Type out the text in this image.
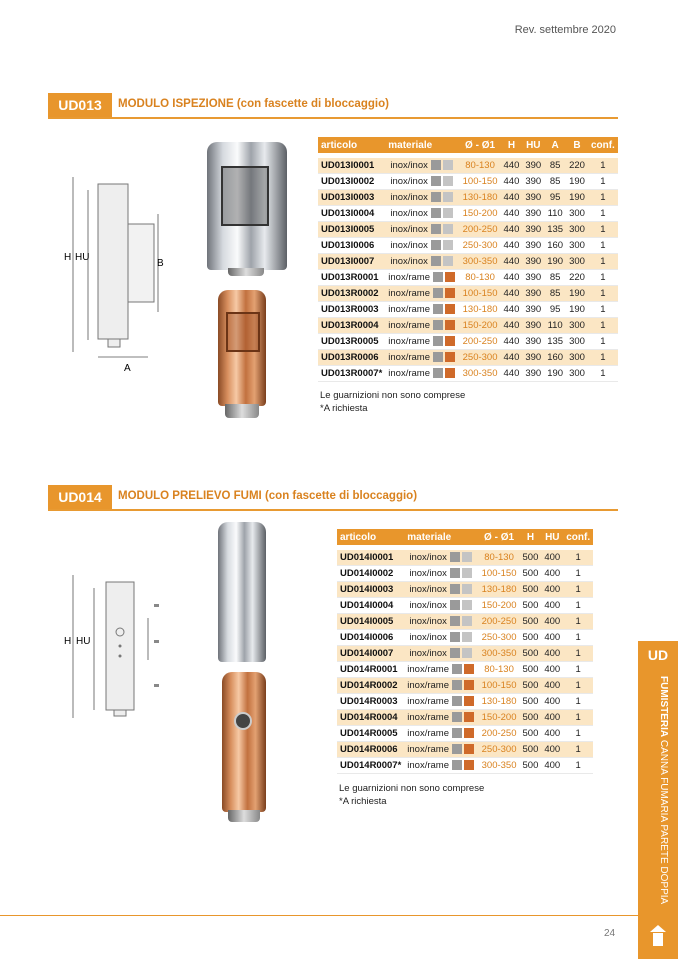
Rev. settembre 2020
UD013	MODULO ISPEZIONE (con fascette di bloccaggio)
H HU
B
A
articolo	materiale	Ø - Ø1	H	HU	A	B	conf.

UD013I0001	inox/inox	80-130	440	390	85	220	1
UD013I0002	inox/inox	100-150	440	390	85	190	1
UD013I0003	inox/inox	130-180	440	390	95	190	1
UD013I0004	inox/inox	150-200	440	390	110	300	1
UD013I0005	inox/inox	200-250	440	390	135	300	1
UD013I0006	inox/inox	250-300	440	390	160	300	1
UD013I0007	inox/inox	300-350	440	390	190	300	1
UD013R0001	inox/rame	80-130	440	390	85	220	1
UD013R0002	inox/rame	100-150	440	390	85	190	1
UD013R0003	inox/rame	130-180	440	390	95	190	1
UD013R0004	inox/rame	150-200	440	390	110	300	1
UD013R0005	inox/rame	200-250	440	390	135	300	1
UD013R0006	inox/rame	250-300	440	390	160	300	1
UD013R0007*	inox/rame	300-350	440	390	190	300	1
Le guarnizioni non sono comprese
*A richiesta
UD014	MODULO PRELIEVO FUMI (con fascette di bloccaggio)
H HU
articolo	materiale	Ø - Ø1	H	HU	conf.

UD014I0001	inox/inox	80-130	500	400	1
UD014I0002	inox/inox	100-150	500	400	1
UD014I0003	inox/inox	130-180	500	400	1
UD014I0004	inox/inox	150-200	500	400	1
UD014I0005	inox/inox	200-250	500	400	1
UD014I0006	inox/inox	250-300	500	400	1
UD014I0007	inox/inox	300-350	500	400	1
UD014R0001	inox/rame	80-130	500	400	1
UD014R0002	inox/rame	100-150	500	400	1
UD014R0003	inox/rame	130-180	500	400	1
UD014R0004	inox/rame	150-200	500	400	1
UD014R0005	inox/rame	200-250	500	400	1
UD014R0006	inox/rame	250-300	500	400	1
UD014R0007*	inox/rame	300-350	500	400	1
Le guarnizioni non sono comprese
*A richiesta
UD
FUMISTERIA CANNA FUMARIA PARETE DOPPIA
24
